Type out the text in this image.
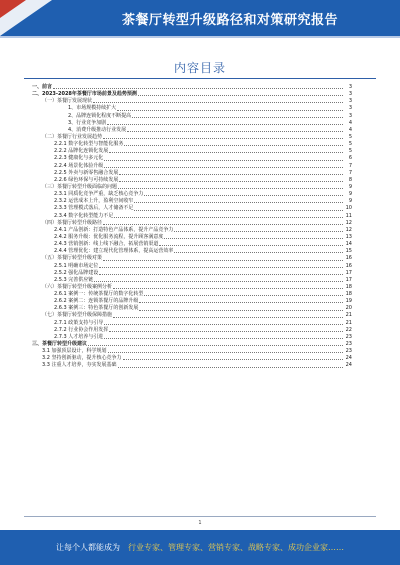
茶餐厅转型升级路径和对策研究报告
内容目录
一、前言	3
二、2023-2028年茶餐厅市场前景及趋势预测	3
（一）茶餐厅发展现状	3
1、市场规模持续扩大	3
2、品牌连锁化程度不断提高	3
3、行业竞争加剧	4
4、消费升级推动行业发展	4
（二）茶餐厅行业发展趋势	5
2.2.1 数字化转型与智能化服务	5
2.2.2 品牌化连锁化发展	5
2.2.3 健康化与多元化	6
2.2.4 场景化体验升级	7
2.2.5 外卖与新零售融合发展	7
2.2.6 绿色环保与可持续发展	8
（三）茶餐厅转型升级面临的问题	9
2.3.1 同质化竞争严重，缺乏核心竞争力	9
2.3.2 运营成本上升，盈利空间收窄	9
2.3.3 管理模式落后，人才储备不足	10
2.3.4 数字化转型能力不足	11
（四）茶餐厅转型升级路径	12
2.4.1 产品创新：打造特色产品体系，提升产品竞争力	12
2.4.2 服务升级：优化服务流程，提升顾客满意度	13
2.4.3 营销创新：线上线下融合，拓展营销渠道	14
2.4.4 管理优化：建立现代化管理体系，提高运营效率	15
（五）茶餐厅转型升级对策	16
2.5.1 明确市场定位	16
2.5.2 强化品牌建设	17
2.5.3 完善供应链	17
（六）茶餐厅转型升级案例分析	18
2.6.1 案例一：传统茶餐厅的数字化转型	18
2.6.2 案例二：连锁茶餐厅的品牌升级	19
2.6.3 案例三：特色茶餐厅的创新发展	20
（七）茶餐厅转型升级保障措施	21
2.7.1 政策支持与引导	21
2.7.2 行业协会作用发挥	22
2.7.3 人才培养与引进	23
三、茶餐厅转型升级建议	23
3.1 加强顶层设计，科学规划	23
3.2 坚持创新驱动，提升核心竞争力	24
3.3 注重人才培养，夯实发展基础	24
1
让每个人都能成为　 行业专家、管理专家、营销专家、战略专家、成功企业家……
